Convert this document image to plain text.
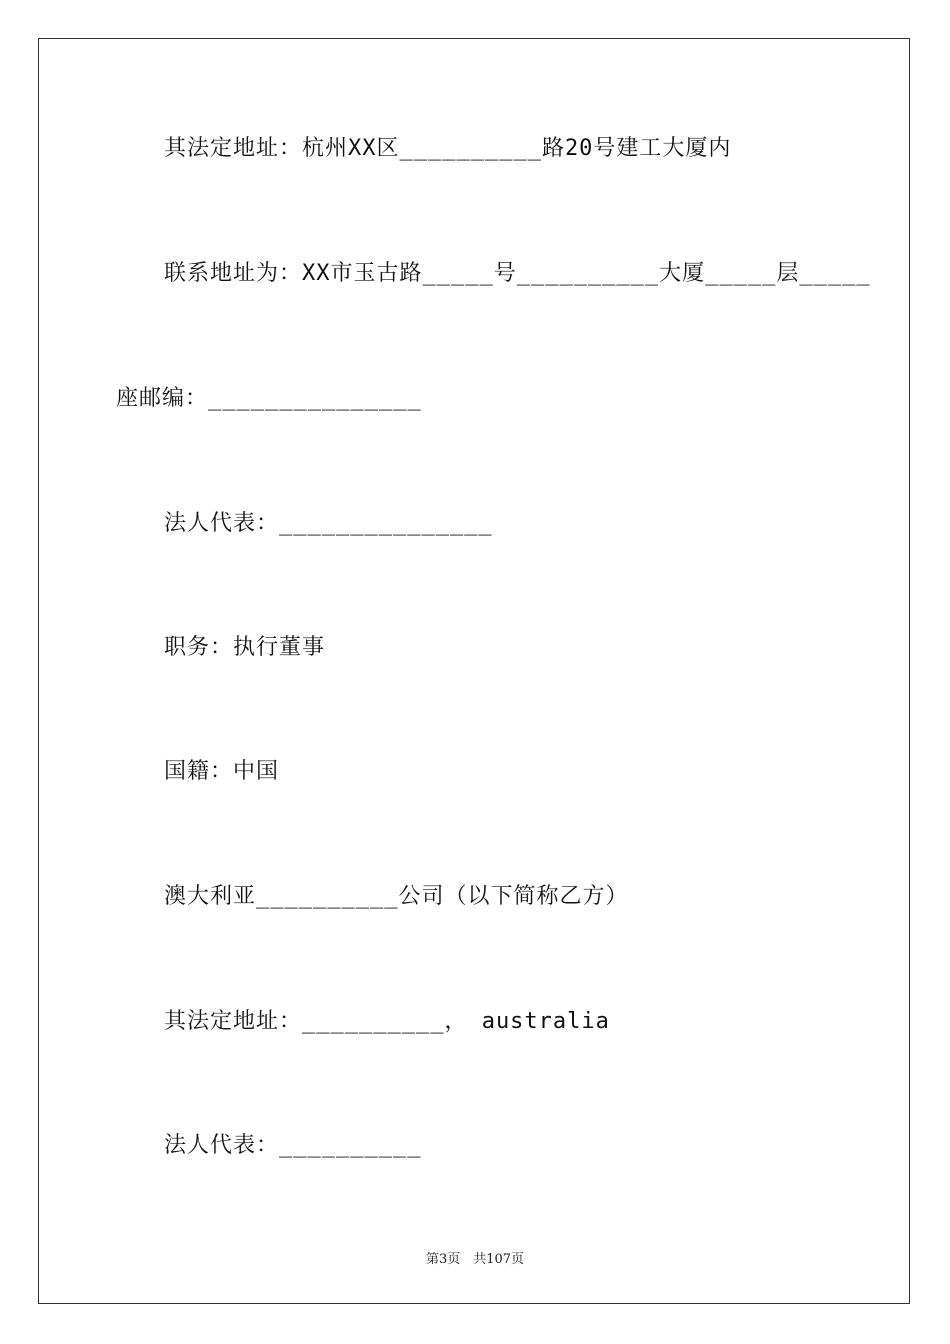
其法定地址：杭州XX区__________路20号建工大厦内
联系地址为：XX市玉古路_____号__________大厦_____层_____
座邮编：_______________
法人代表：_______________
职务：执行董事
国籍：中国
澳大利亚__________公司（以下简称乙方）
其法定地址：__________， australia
法人代表：__________
第3页　共107页
